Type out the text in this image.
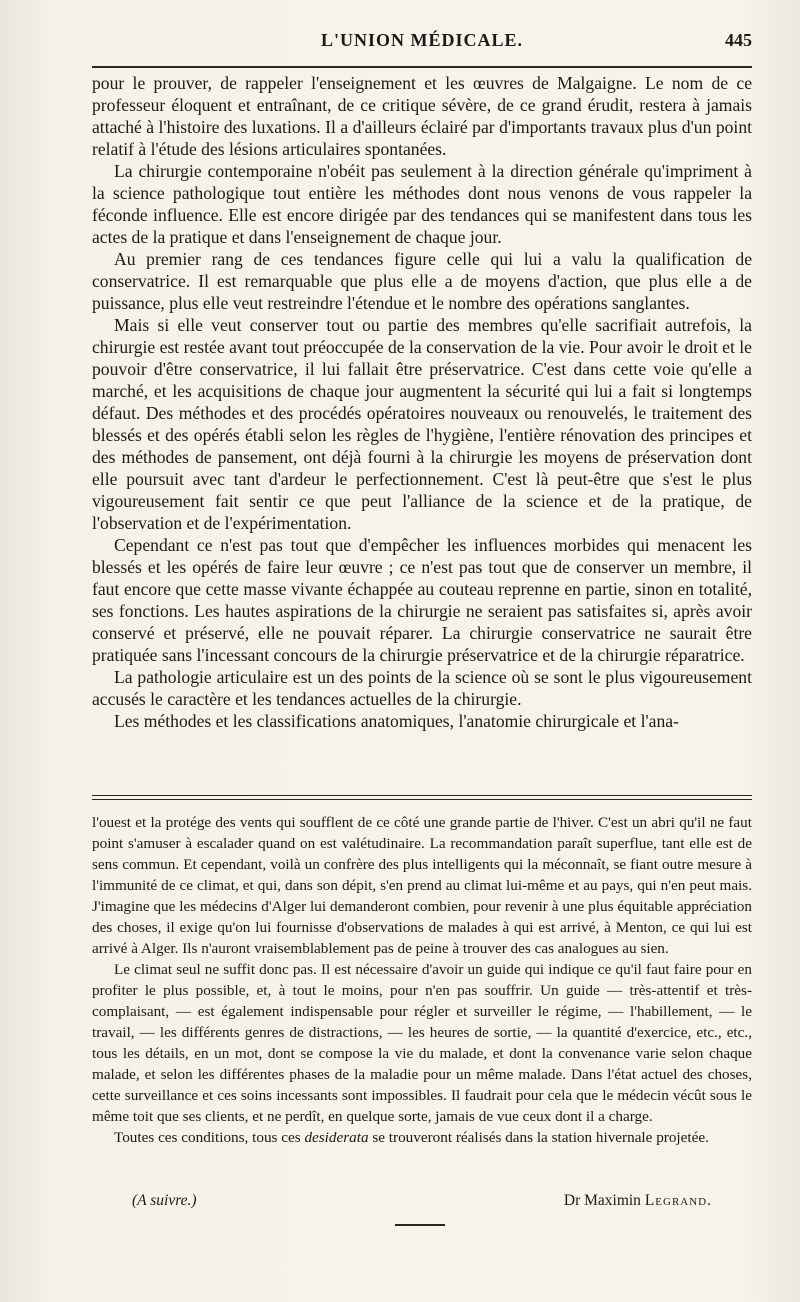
L'UNION MÉDICALE.	445

pour le prouver, de rappeler l'enseignement et les œuvres de Malgaigne. Le nom de ce professeur éloquent et entraînant, de ce critique sévère, de ce grand érudit, restera à jamais attaché à l'histoire des luxations. Il a d'ailleurs éclairé par d'importants travaux plus d'un point relatif à l'étude des lésions articulaires spontanées.

La chirurgie contemporaine n'obéit pas seulement à la direction générale qu'impriment à la science pathologique tout entière les méthodes dont nous venons de vous rappeler la féconde influence. Elle est encore dirigée par des tendances qui se manifestent dans tous les actes de la pratique et dans l'enseignement de chaque jour.

Au premier rang de ces tendances figure celle qui lui a valu la qualification de conservatrice. Il est remarquable que plus elle a de moyens d'action, que plus elle a de puissance, plus elle veut restreindre l'étendue et le nombre des opérations sanglantes.

Mais si elle veut conserver tout ou partie des membres qu'elle sacrifiait autrefois, la chirurgie est restée avant tout préoccupée de la conservation de la vie. Pour avoir le droit et le pouvoir d'être conservatrice, il lui fallait être préservatrice. C'est dans cette voie qu'elle a marché, et les acquisitions de chaque jour augmentent la sécurité qui lui a fait si longtemps défaut. Des méthodes et des procédés opératoires nouveaux ou renouvelés, le traitement des blessés et des opérés établi selon les règles de l'hygiène, l'entière rénovation des principes et des méthodes de pansement, ont déjà fourni à la chirurgie les moyens de préservation dont elle poursuit avec tant d'ardeur le perfectionnement. C'est là peut-être que s'est le plus vigoureusement fait sentir ce que peut l'alliance de la science et de la pratique, de l'observation et de l'expérimentation.

Cependant ce n'est pas tout que d'empêcher les influences morbides qui menacent les blessés et les opérés de faire leur œuvre ; ce n'est pas tout que de conserver un membre, il faut encore que cette masse vivante échappée au couteau reprenne en partie, sinon en totalité, ses fonctions. Les hautes aspirations de la chirurgie ne seraient pas satisfaites si, après avoir conservé et préservé, elle ne pouvait réparer. La chirurgie conservatrice ne saurait être pratiquée sans l'incessant concours de la chirurgie préservatrice et de la chirurgie réparatrice.

La pathologie articulaire est un des points de la science où se sont le plus vigoureusement accusés le caractère et les tendances actuelles de la chirurgie.

Les méthodes et les classifications anatomiques, l'anatomie chirurgicale et l'ana-

l'ouest et la protége des vents qui soufflent de ce côté une grande partie de l'hiver. C'est un abri qu'il ne faut point s'amuser à escalader quand on est valétudinaire. La recommandation paraît superflue, tant elle est de sens commun. Et cependant, voilà un confrère des plus intelligents qui la méconnaît, se fiant outre mesure à l'immunité de ce climat, et qui, dans son dépit, s'en prend au climat lui-même et au pays, qui n'en peut mais. J'imagine que les médecins d'Alger lui demanderont combien, pour revenir à une plus équitable appréciation des choses, il exige qu'on lui fournisse d'observations de malades à qui est arrivé, à Menton, ce qui lui est arrivé à Alger. Ils n'auront vraisemblablement pas de peine à trouver des cas analogues au sien.

Le climat seul ne suffit donc pas. Il est nécessaire d'avoir un guide qui indique ce qu'il faut faire pour en profiter le plus possible, et, à tout le moins, pour n'en pas souffrir. Un guide — très-attentif et très-complaisant, — est également indispensable pour régler et surveiller le régime, — l'habillement, — le travail, — les différents genres de distractions, — les heures de sortie, — la quantité d'exercice, etc., etc., tous les détails, en un mot, dont se compose la vie du malade, et dont la convenance varie selon chaque malade, et selon les différentes phases de la maladie pour un même malade. Dans l'état actuel des choses, cette surveillance et ces soins incessants sont impossibles. Il faudrait pour cela que le médecin vécût sous le même toit que ses clients, et ne perdît, en quelque sorte, jamais de vue ceux dont il a charge.

Toutes ces conditions, tous ces desiderata se trouveront réalisés dans la station hivernale projetée.

(A suivre.)	Dr Maximin Legrand.
